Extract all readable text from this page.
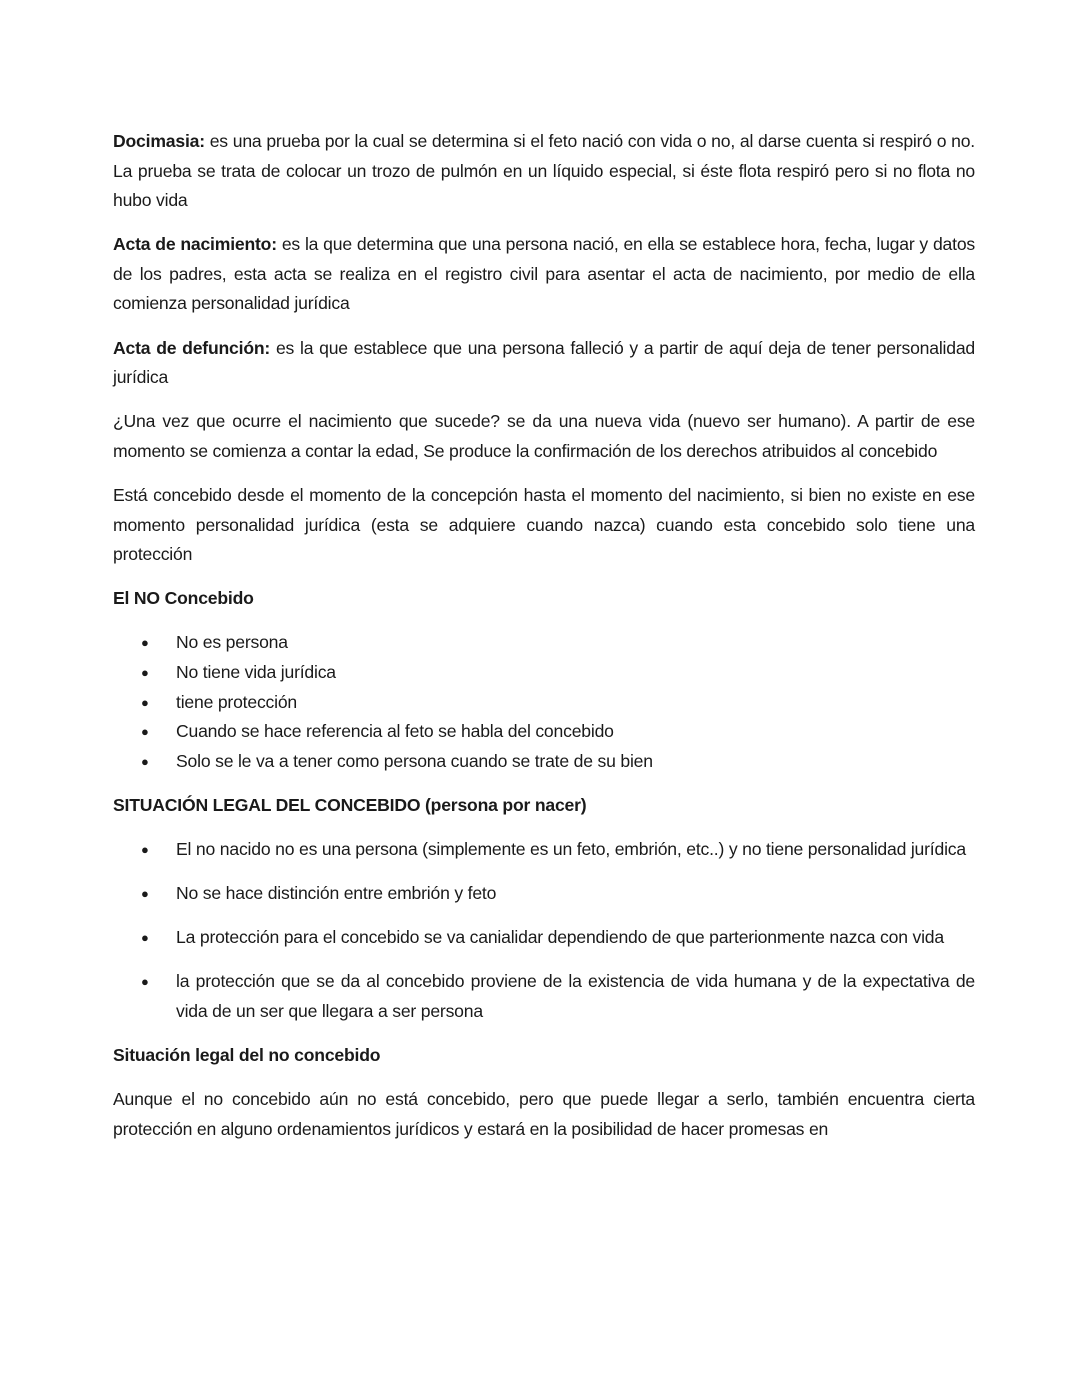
Docimasia: es una prueba por la cual se determina si el feto nació con vida o no, al darse cuenta si respiró o no. La prueba se trata de colocar un trozo de pulmón en un líquido especial, si éste flota respiró pero si no flota no hubo vida

Acta de nacimiento: es la que determina que una persona nació, en ella se establece hora, fecha, lugar y datos de los padres, esta acta se realiza en el registro civil para asentar el acta de nacimiento, por medio de ella comienza personalidad jurídica

Acta de defunción: es la que establece que una persona falleció y a partir de aquí deja de tener personalidad jurídica

¿Una vez que ocurre el nacimiento que sucede? se da una nueva vida (nuevo ser humano). A partir de ese momento se comienza a contar la edad, Se produce la confirmación de los derechos atribuidos al concebido

Está concebido desde el momento de la concepción hasta el momento del nacimiento, si bien no existe en ese momento personalidad jurídica (esta se adquiere cuando nazca) cuando esta concebido solo tiene una protección

El NO Concebido

● No es persona
● No tiene vida jurídica
● tiene protección
● Cuando se hace referencia al feto se habla del concebido
● Solo se le va a tener como persona cuando se trate de su bien

SITUACIÓN LEGAL DEL CONCEBIDO (persona por nacer)

● El no nacido no es una persona (simplemente es un feto, embrión, etc..) y no tiene personalidad jurídica
● No se hace distinción entre embrión y feto
● La protección para el concebido se va canialidar dependiendo de que parterionmente nazca con vida
● la protección que se da al concebido proviene de la existencia de vida humana y de la expectativa de vida de un ser que llegara a ser persona

Situación legal del no concebido

Aunque el no concebido aún no está concebido, pero que puede llegar a serlo, también encuentra cierta protección en alguno ordenamientos jurídicos y estará en la posibilidad de hacer promesas en
